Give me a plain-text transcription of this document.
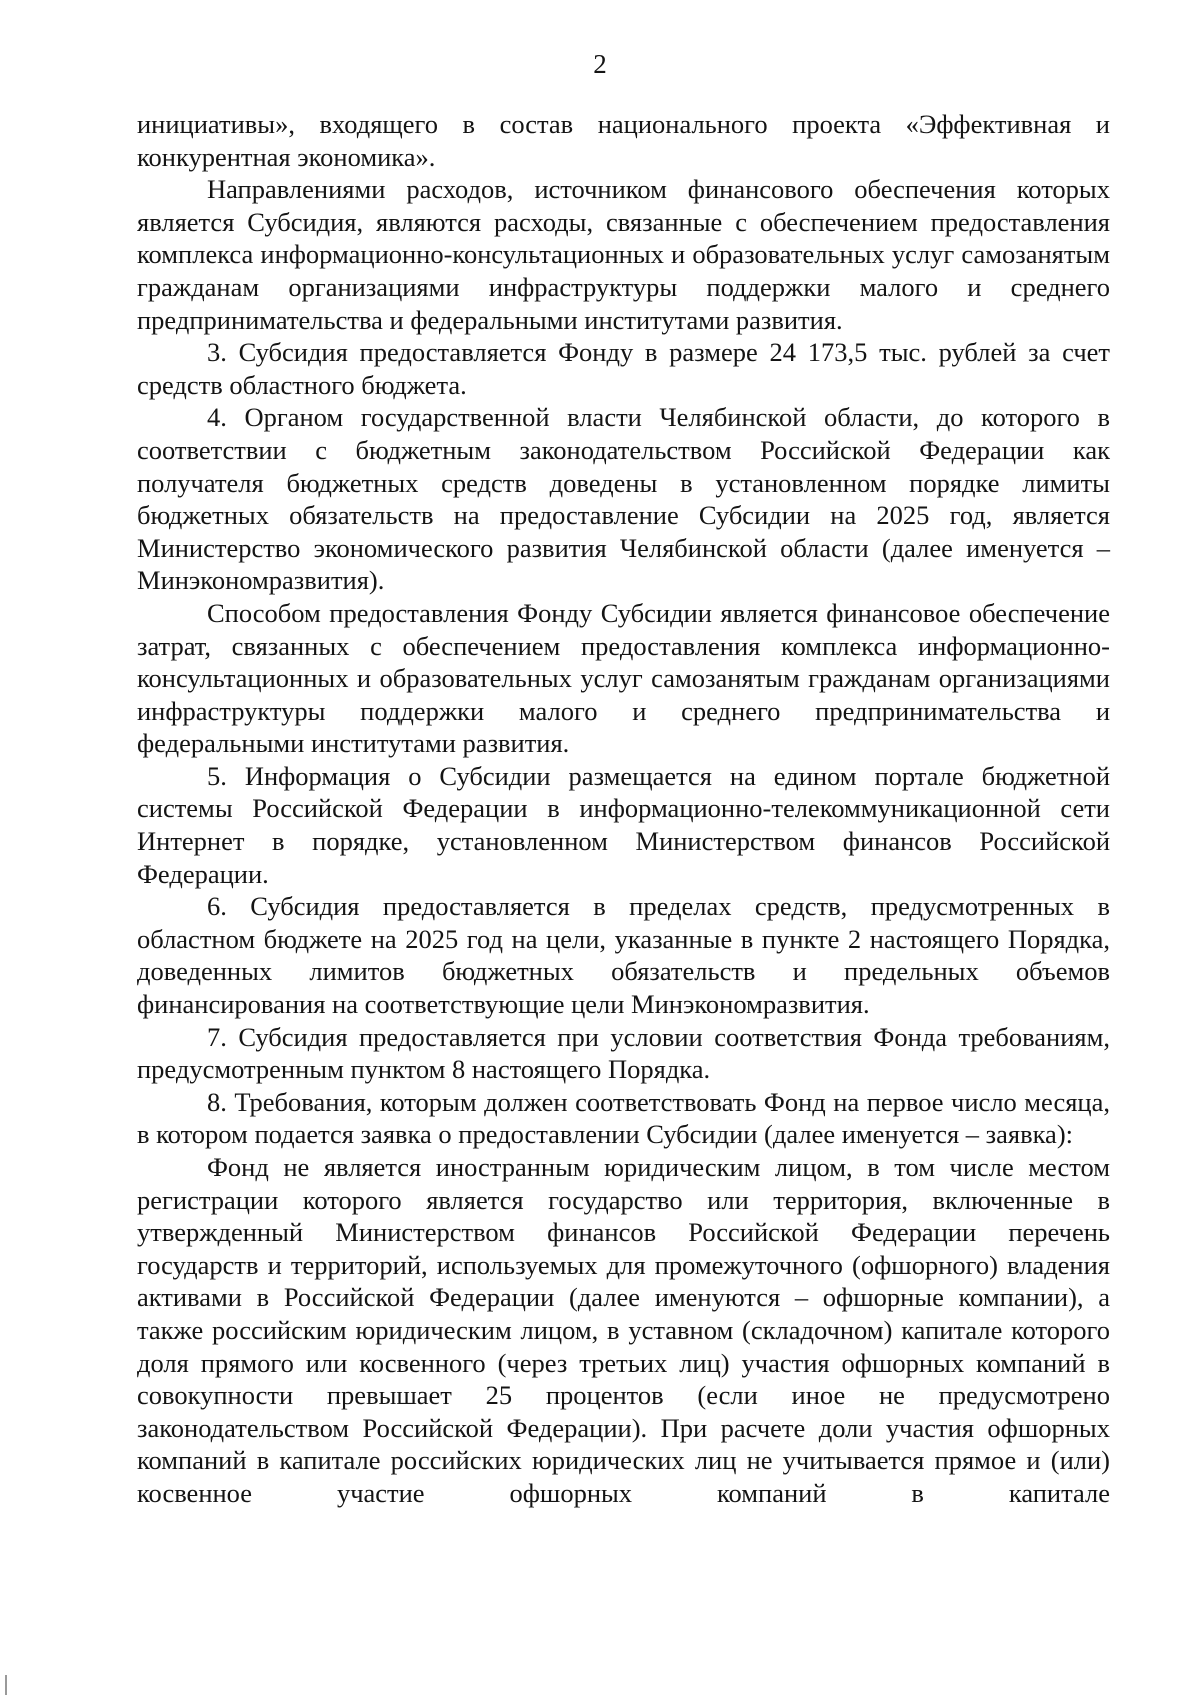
2

инициативы», входящего в состав национального проекта «Эффективная и конкурентная экономика».

Направлениями расходов, источником финансового обеспечения которых является Субсидия, являются расходы, связанные с обеспечением предоставления комплекса информационно-консультационных и образовательных услуг самозанятым гражданам организациями инфраструктуры поддержки малого и среднего предпринимательства и федеральными институтами развития.

3. Субсидия предоставляется Фонду в размере 24 173,5 тыс. рублей за счет средств областного бюджета.

4. Органом государственной власти Челябинской области, до которого в соответствии с бюджетным законодательством Российской Федерации как получателя бюджетных средств доведены в установленном порядке лимиты бюджетных обязательств на предоставление Субсидии на 2025 год, является Министерство экономического развития Челябинской области (далее именуется – Минэкономразвития).

Способом предоставления Фонду Субсидии является финансовое обеспечение затрат, связанных с обеспечением предоставления комплекса информационно-консультационных и образовательных услуг самозанятым гражданам организациями инфраструктуры поддержки малого и среднего предпринимательства и федеральными институтами развития.

5. Информация о Субсидии размещается на едином портале бюджетной системы Российской Федерации в информационно-телекоммуникационной сети Интернет в порядке, установленном Министерством финансов Российской Федерации.

6. Субсидия предоставляется в пределах средств, предусмотренных в областном бюджете на 2025 год на цели, указанные в пункте 2 настоящего Порядка, доведенных лимитов бюджетных обязательств и предельных объемов финансирования на соответствующие цели Минэкономразвития.

7. Субсидия предоставляется при условии соответствия Фонда требованиям, предусмотренным пунктом 8 настоящего Порядка.

8. Требования, которым должен соответствовать Фонд на первое число месяца, в котором подается заявка о предоставлении Субсидии (далее именуется – заявка):

Фонд не является иностранным юридическим лицом, в том числе местом регистрации которого является государство или территория, включенные в утвержденный Министерством финансов Российской Федерации перечень государств и территорий, используемых для промежуточного (офшорного) владения активами в Российской Федерации (далее именуются – офшорные компании), а также российским юридическим лицом, в уставном (складочном) капитале которого доля прямого или косвенного (через третьих лиц) участия офшорных компаний в совокупности превышает 25 процентов (если иное не предусмотрено законодательством Российской Федерации). При расчете доли участия офшорных компаний в капитале российских юридических лиц не учитывается прямое и (или) косвенное участие офшорных компаний в капитале
